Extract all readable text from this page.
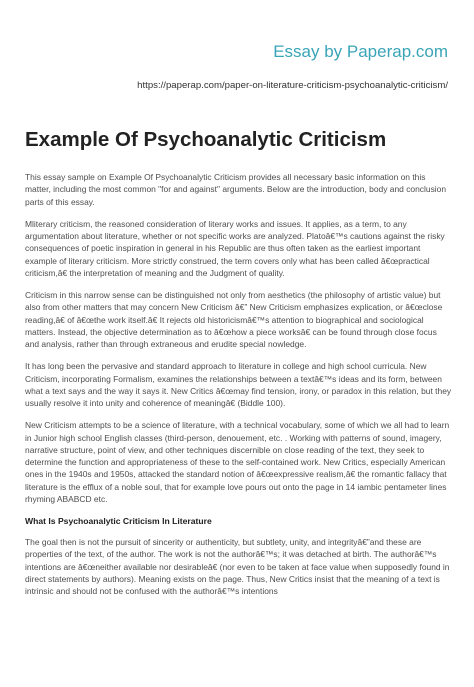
Essay by Paperap.com
https://paperap.com/paper-on-literature-criticism-psychoanalytic-criticism/
Example Of Psychoanalytic Criticism

This essay sample on Example Of Psychoanalytic Criticism provides all necessary basic information on this matter, including the most common "for and against" arguments. Below are the introduction, body and conclusion parts of this essay.

Mliterary criticism, the reasoned consideration of literary works and issues. It applies, as a term, to any argumentation about literature, whether or not specific works are analyzed. Platoâ€™s cautions against the risky consequences of poetic inspiration in general in his Republic are thus often taken as the earliest important example of literary criticism. More strictly construed, the term covers only what has been called â€œpractical criticism,â€ the interpretation of meaning and the Judgment of quality.

Criticism in this narrow sense can be distinguished not only from aesthetics (the philosophy of artistic value) but also from other matters that may concern New Criticism â€” New Criticism emphasizes explication, or â€œclose reading,â€ of â€œthe work itself.â€ It rejects old historicismâ€™s attention to biographical and sociological matters. Instead, the objective determination as to â€œhow a piece worksâ€ can be found through close focus and analysis, rather than through extraneous and erudite special nowledge.

It has long been the pervasive and standard approach to literature in college and high school curricula. New Criticism, incorporating Formalism, examines the relationships between a textâ€™s ideas and its form, between what a text says and the way it says it. New Critics â€œmay find tension, irony, or paradox in this relation, but they usually resolve it into unity and coherence of meaningâ€ (Biddle 100).

New Criticism attempts to be a science of literature, with a technical vocabulary, some of which we all had to learn in Junior high school English classes (third-person, denouement, etc. . Working with patterns of sound, imagery, narrative structure, point of view, and other techniques discernible on close reading of the text, they seek to determine the function and appropriateness of these to the self-contained work. New Critics, especially American ones in the 1940s and 1950s, attacked the standard notion of â€œexpressive realism,â€ the romantic fallacy that literature is the efflux of a noble soul, that for example love pours out onto the page in 14 iambic pentameter lines rhyming ABABCD etc.

What Is Psychoanalytic Criticism In Literature

The goal then is not the pursuit of sincerity or authenticity, but subtlety, unity, and integrityâ€”and these are properties of the text, of the author. The work is not the authorâ€™s; it was detached at birth. The authorâ€™s intentions are â€œneither available nor desirableâ€ (nor even to be taken at face value when supposedly found in direct statements by authors). Meaning exists on the page. Thus, New Critics insist that the meaning of a text is intrinsic and should not be confused with the authorâ€™s intentions
